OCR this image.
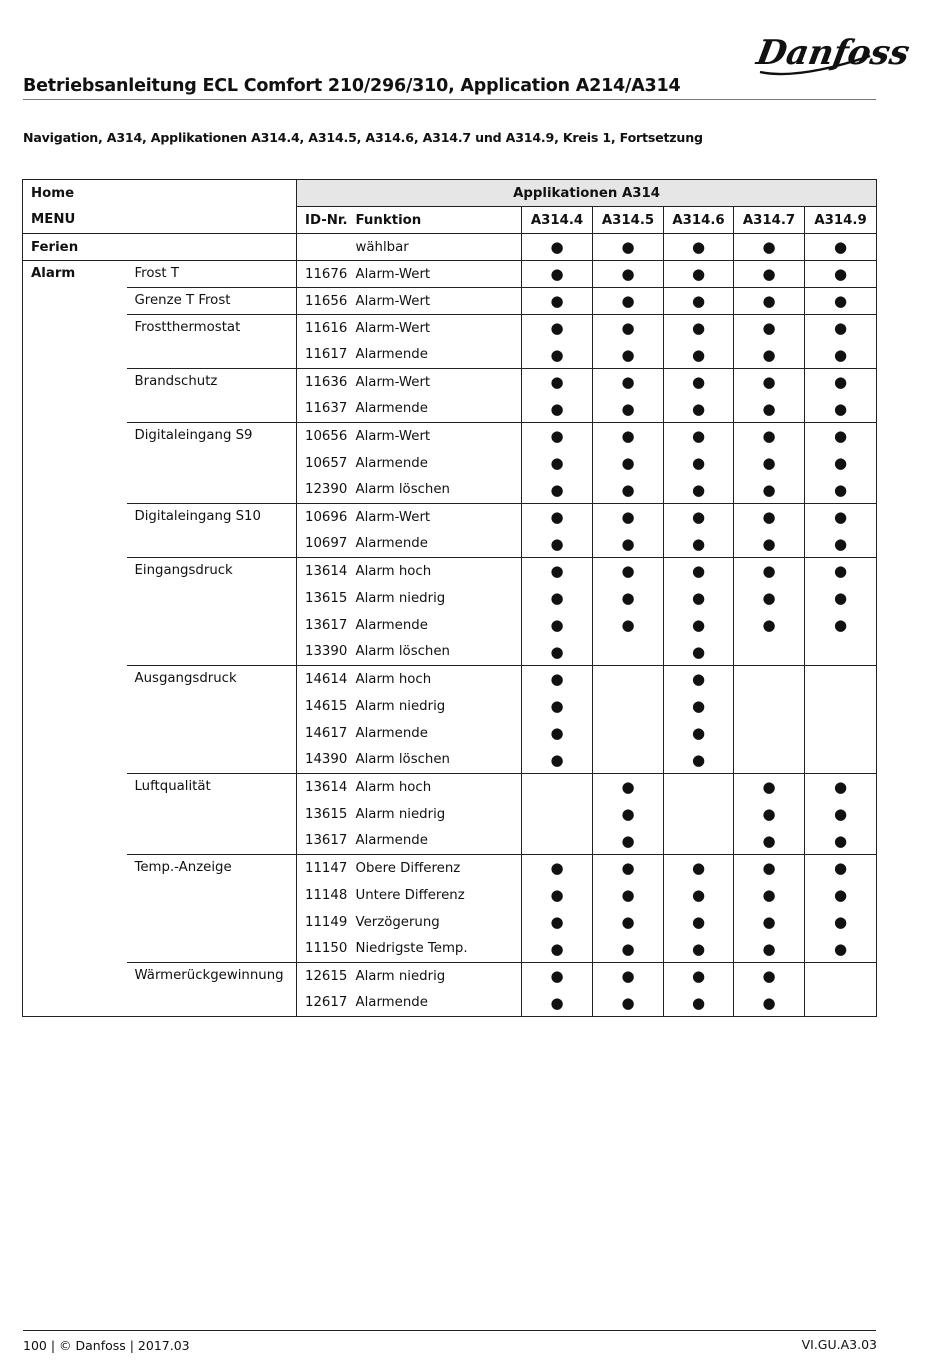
Danfoss
Betriebsanleitung ECL Comfort 210/296/310, Application A214/A314
Navigation, A314, Applikationen A314.4, A314.5, A314.6, A314.7 und A314.9, Kreis 1, Fortsetzung
Home		Applikationen A314						
MENU		ID-Nr.	Funktion	A314.4	A314.5	A314.6	A314.7	A314.9
Ferien			wählbar	●	●	●	●	●
Alarm	Frost T	11676	Alarm-Wert	●	●	●	●	●
	Grenze T Frost	11656	Alarm-Wert	●	●	●	●	●
	Frostthermostat	11616	Alarm-Wert	●	●	●	●	●
		11617	Alarmende	●	●	●	●	●
	Brandschutz	11636	Alarm-Wert	●	●	●	●	●
		11637	Alarmende	●	●	●	●	●
	Digitaleingang S9	10656	Alarm-Wert	●	●	●	●	●
		10657	Alarmende	●	●	●	●	●
		12390	Alarm löschen	●	●	●	●	●
	Digitaleingang S10	10696	Alarm-Wert	●	●	●	●	●
		10697	Alarmende	●	●	●	●	●
	Eingangsdruck	13614	Alarm hoch	●	●	●	●	●
		13615	Alarm niedrig	●	●	●	●	●
		13617	Alarmende	●	●	●	●	●
		13390	Alarm löschen	●		●		
	Ausgangsdruck	14614	Alarm hoch	●		●		
		14615	Alarm niedrig	●		●		
		14617	Alarmende	●		●		
		14390	Alarm löschen	●		●		
	Luftqualität	13614	Alarm hoch		●		●	●
		13615	Alarm niedrig		●		●	●
		13617	Alarmende		●		●	●
	Temp.-Anzeige	11147	Obere Differenz	●	●	●	●	●
		11148	Untere Differenz	●	●	●	●	●
		11149	Verzögerung	●	●	●	●	●
		11150	Niedrigste Temp.	●	●	●	●	●
	Wärmerückgewinnung	12615	Alarm niedrig	●	●	●	●	
		12617	Alarmende	●	●	●	●	
100 | © Danfoss | 2017.03	VI.GU.A3.03
